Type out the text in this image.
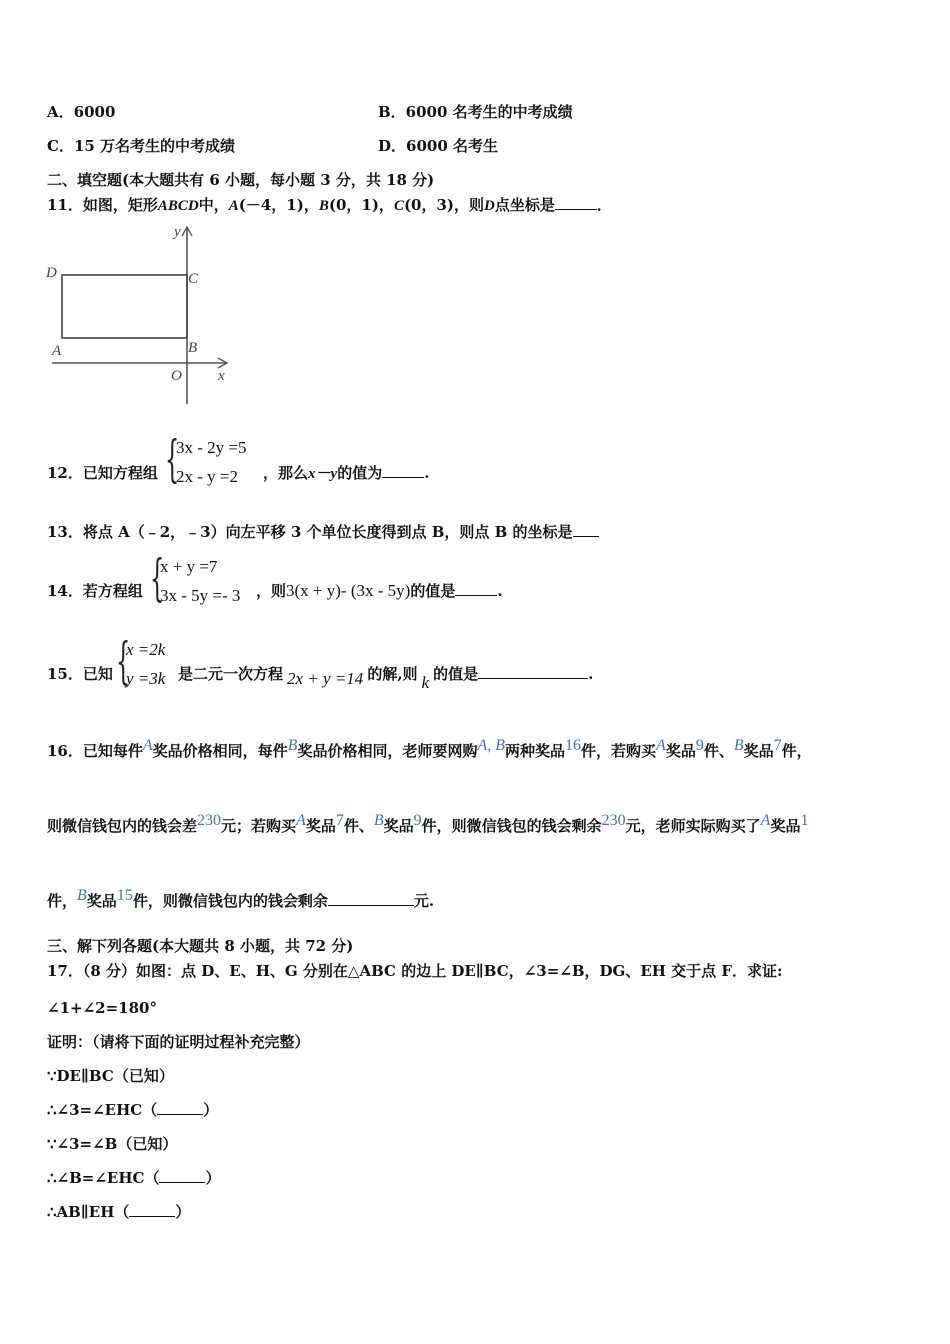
A．6000	B．6000 名考生的中考成绩
C．15 万名考生的中考成绩	D．6000 名考生
二、填空题(本大题共有 6 小题，每小题 3 分，共 18 分)
11．如图，矩形ABCD中，A(－4，1)，B(0，1)，C(0，3)，则D点坐标是	．
y
x
O
A	B
C
D
12．已知方程组 {
3x - 2y =5
2x - y =2 ，那么x－y的值为	.
13．将点 A（﹣2，﹣3）向左平移 3 个单位长度得到点 B，则点 B 的坐标是
14．若方程组 {
x + y =7
3x - 5y =- 3 ，则3(x + y)- (3x - 5y)的值是	.
15．已知 {
x =2k
y =3k 是二元一次方程 2x + y =14 的解,则 k 的值是	.
16．已知每件$^A$奖品价格相同，每件$^B$奖品价格相同，老师要网购$^{A, B}$两种奖品$^{16}$件，若购买$^A$奖品$^9$件、$^B$奖品$^7$件，
则微信钱包内的钱会差$^{230}$元；若购买$^A$奖品$^7$件、$^B$奖品$^9$件，则微信钱包的钱会剩余$^{230}$元，老师实际购买了$^A$奖品$^1$
件，$^B$奖品$^{15}$件，则微信钱包内的钱会剩余	元.
三、解下列各题(本大题共 8 小题，共 72 分)
17．（8 分）如图：点 D、E、H、G 分别在△ABC 的边上 DE∥BC，∠3=∠B，DG、EH 交于点 F．求证:
∠1+∠2=180°
证明：（请将下面的证明过程补充完整）
∵DE∥BC（已知）
∴∠3=∠EHC（	）
∵∠3=∠B（已知）
∴∠B=∠EHC（	）
∴AB∥EH（	）
